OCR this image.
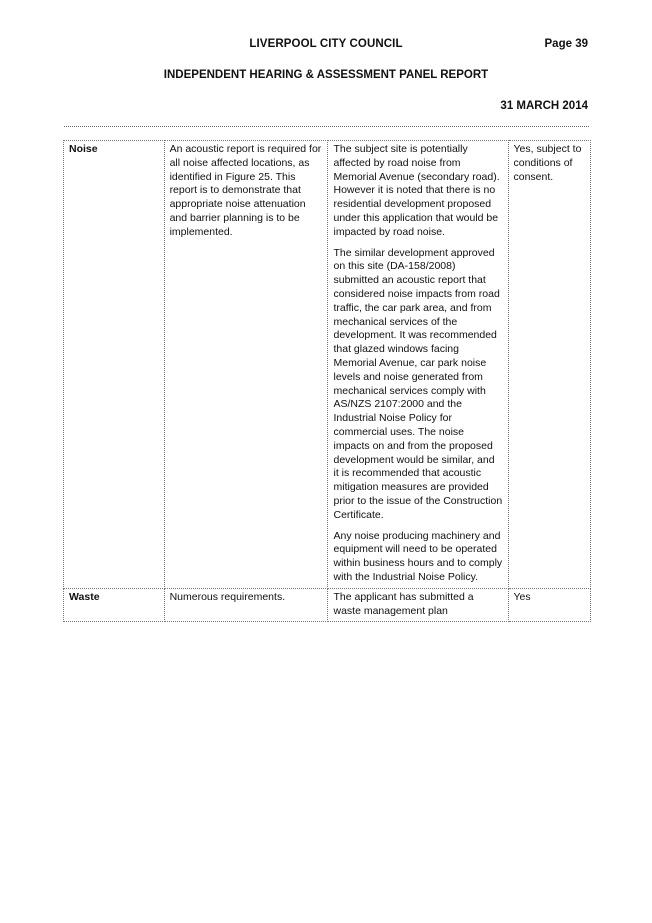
LIVERPOOL CITY COUNCIL	Page 39
INDEPENDENT HEARING & ASSESSMENT PANEL REPORT
31 MARCH 2014
Noise	An acoustic report is required for all noise affected locations, as identified in Figure 25. This report is to demonstrate that appropriate noise attenuation and barrier planning is to be implemented.	The subject site is potentially affected by road noise from Memorial Avenue (secondary road). However it is noted that there is no residential development proposed under this application that would be impacted by road noise.

The similar development approved on this site (DA-158/2008) submitted an acoustic report that considered noise impacts from road traffic, the car park area, and from mechanical services of the development. It was recommended that glazed windows facing Memorial Avenue, car park noise levels and noise generated from mechanical services comply with AS/NZS 2107:2000 and the Industrial Noise Policy for commercial uses. The noise impacts on and from the proposed development would be similar, and it is recommended that acoustic mitigation measures are provided prior to the issue of the Construction Certificate.

Any noise producing machinery and equipment will need to be operated within business hours and to comply with the Industrial Noise Policy.	Yes, subject to conditions of consent.
Waste	Numerous requirements.	The applicant has submitted a waste management plan	Yes
